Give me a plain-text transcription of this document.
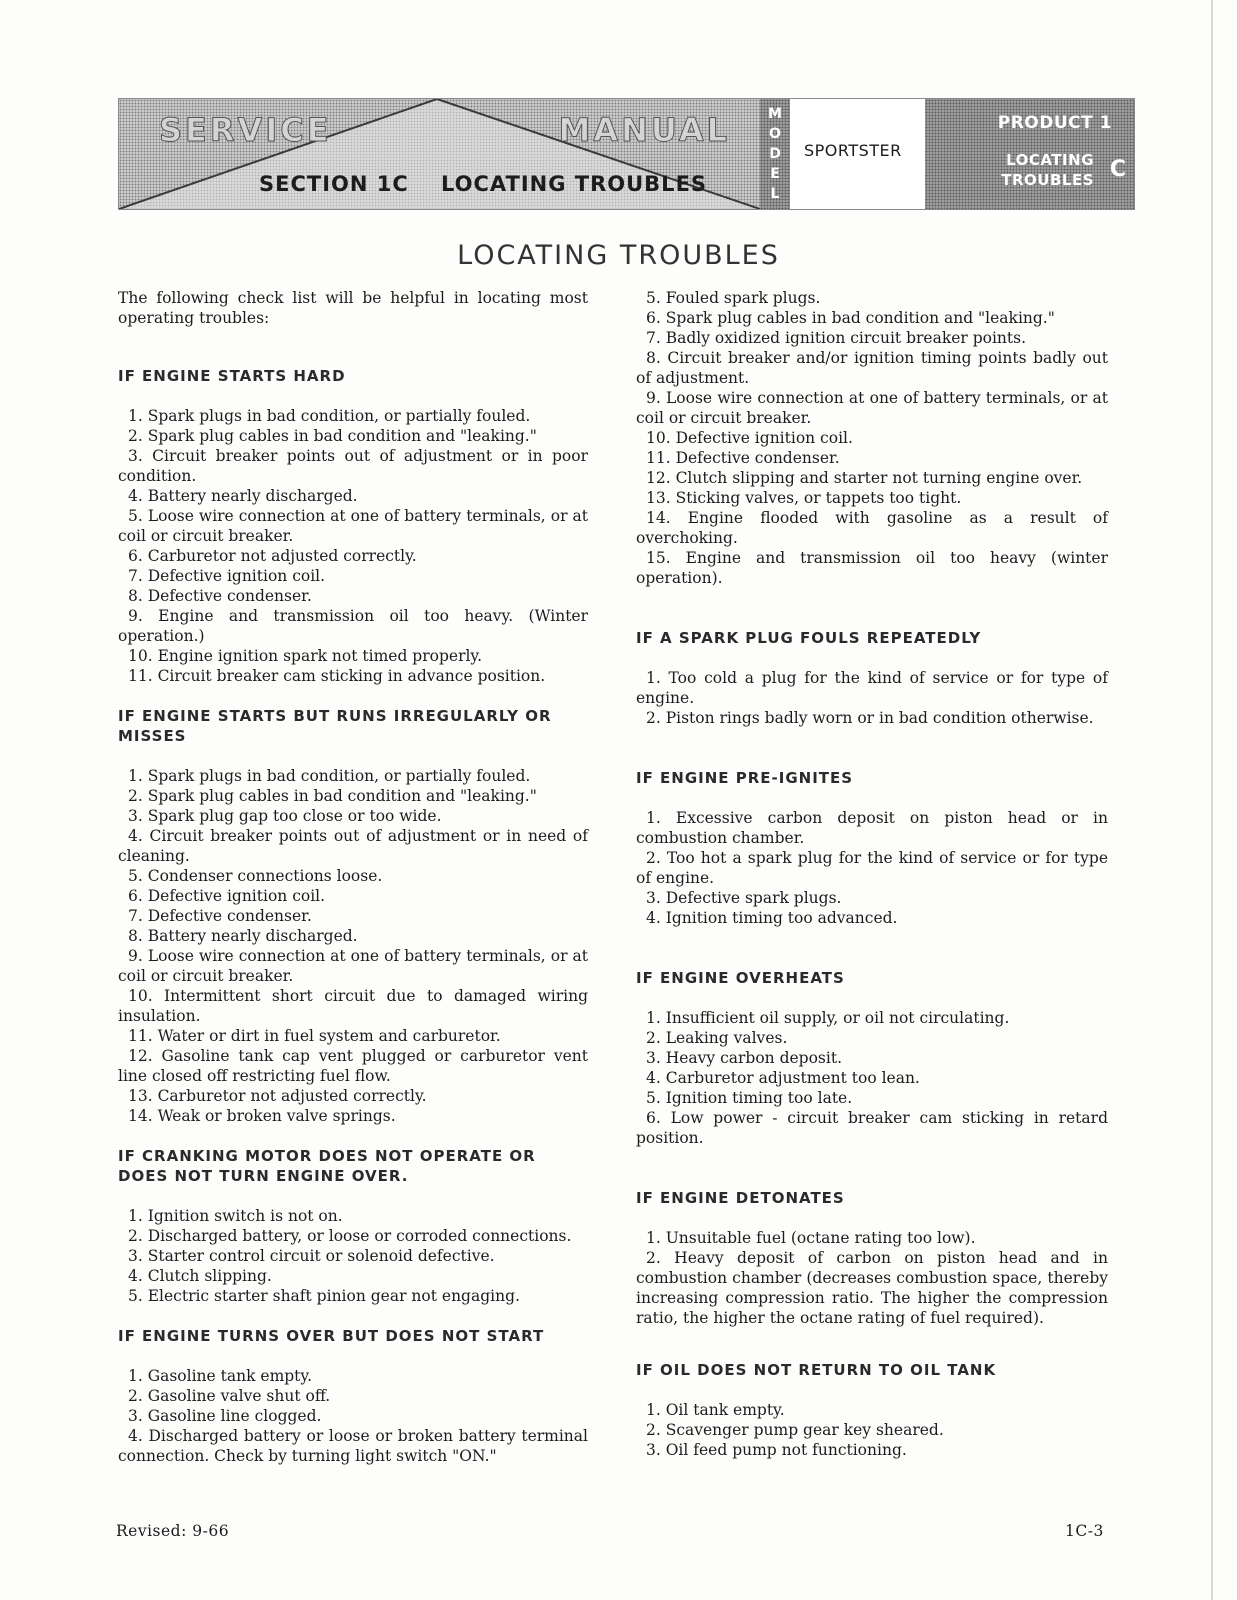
SERVICE	MANUAL
SECTION 1C LOCATING TROUBLES
M
O
D
E
L
SPORTSTER
PRODUCT 1
LOCATING
TROUBLES C
LOCATING TROUBLES

The following check list will be helpful in locating most operating troubles:

IF ENGINE STARTS HARD

1. Spark plugs in bad condition, or partially fouled.

2. Spark plug cables in bad condition and "leaking."

3. Circuit breaker points out of adjustment or in poor condition.

4. Battery nearly discharged.

5. Loose wire connection at one of battery terminals, or at coil or circuit breaker.

6. Carburetor not adjusted correctly.

7. Defective ignition coil.

8. Defective condenser.

9. Engine and transmission oil too heavy. (Winter operation.)

10. Engine ignition spark not timed properly.

11. Circuit breaker cam sticking in advance position.

IF ENGINE STARTS BUT RUNS IRREGULARLY OR MISSES

1. Spark plugs in bad condition, or partially fouled.

2. Spark plug cables in bad condition and "leaking."

3. Spark plug gap too close or too wide.

4. Circuit breaker points out of adjustment or in need of cleaning.

5. Condenser connections loose.

6. Defective ignition coil.

7. Defective condenser.

8. Battery nearly discharged.

9. Loose wire connection at one of battery terminals, or at coil or circuit breaker.

10. Intermittent short circuit due to damaged wiring insulation.

11. Water or dirt in fuel system and carburetor.

12. Gasoline tank cap vent plugged or carburetor vent line closed off restricting fuel flow.

13. Carburetor not adjusted correctly.

14. Weak or broken valve springs.

IF CRANKING MOTOR DOES NOT OPERATE OR DOES NOT TURN ENGINE OVER.

1. Ignition switch is not on.

2. Discharged battery, or loose or corroded connections.

3. Starter control circuit or solenoid defective.

4. Clutch slipping.

5. Electric starter shaft pinion gear not engaging.

IF ENGINE TURNS OVER BUT DOES NOT START

1. Gasoline tank empty.

2. Gasoline valve shut off.

3. Gasoline line clogged.

4. Discharged battery or loose or broken battery terminal connection. Check by turning light switch "ON."

5. Fouled spark plugs.

6. Spark plug cables in bad condition and "leaking."

7. Badly oxidized ignition circuit breaker points.

8. Circuit breaker and/or ignition timing points badly out of adjustment.

9. Loose wire connection at one of battery terminals, or at coil or circuit breaker.

10. Defective ignition coil.

11. Defective condenser.

12. Clutch slipping and starter not turning engine over.

13. Sticking valves, or tappets too tight.

14. Engine flooded with gasoline as a result of overchoking.

15. Engine and transmission oil too heavy (winter operation).

IF A SPARK PLUG FOULS REPEATEDLY

1. Too cold a plug for the kind of service or for type of engine.

2. Piston rings badly worn or in bad condition otherwise.

IF ENGINE PRE-IGNITES

1. Excessive carbon deposit on piston head or in combustion chamber.

2. Too hot a spark plug for the kind of service or for type of engine.

3. Defective spark plugs.

4. Ignition timing too advanced.

IF ENGINE OVERHEATS

1. Insufficient oil supply, or oil not circulating.

2. Leaking valves.

3. Heavy carbon deposit.

4. Carburetor adjustment too lean.

5. Ignition timing too late.

6. Low power - circuit breaker cam sticking in retard position.

IF ENGINE DETONATES

1. Unsuitable fuel (octane rating too low).

2. Heavy deposit of carbon on piston head and in combustion chamber (decreases combustion space, thereby increasing compression ratio. The higher the compression ratio, the higher the octane rating of fuel required).

IF OIL DOES NOT RETURN TO OIL TANK

1. Oil tank empty.

2. Scavenger pump gear key sheared.

3. Oil feed pump not functioning.

Revised: 9-66	1C-3
